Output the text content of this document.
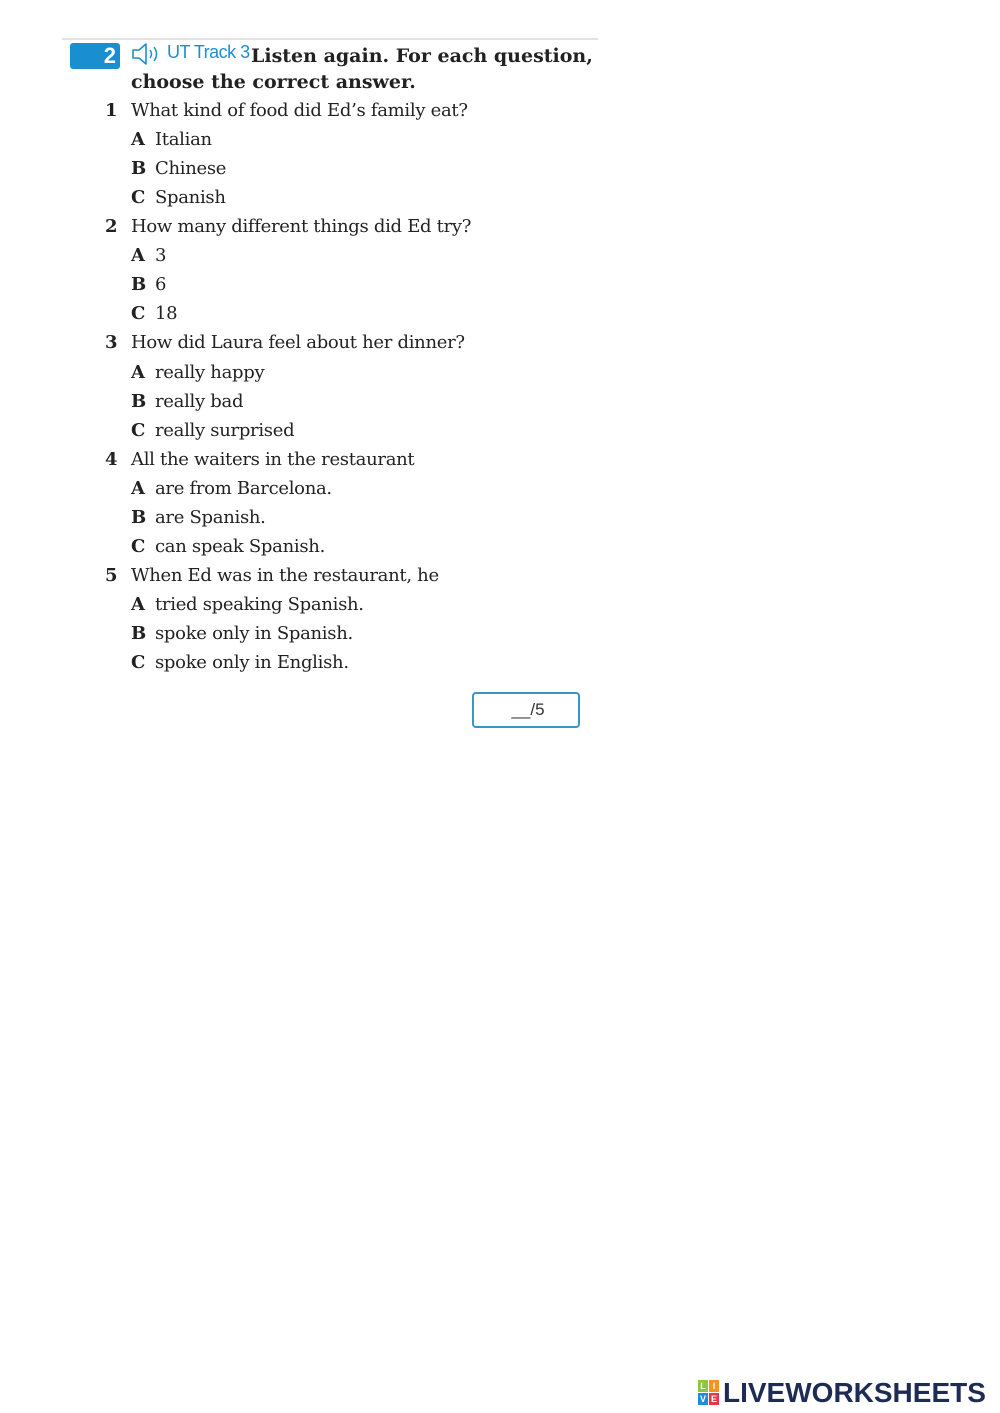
2	UT Track 3 Listen again. For each question,
choose the correct answer.
1 What kind of food did Ed’s family eat?
A Italian
B Chinese
C Spanish
2 How many different things did Ed try?
A 3
B 6
C 18
3 How did Laura feel about her dinner?
A really happy
B really bad
C really surprised
4 All the waiters in the restaurant
A are from Barcelona.
B are Spanish.
C can speak Spanish.
5 When Ed was in the restaurant, he
A tried speaking Spanish.
B spoke only in Spanish.
C spoke only in English.
__/5
L I
V E LIVEWORKSHEETS
